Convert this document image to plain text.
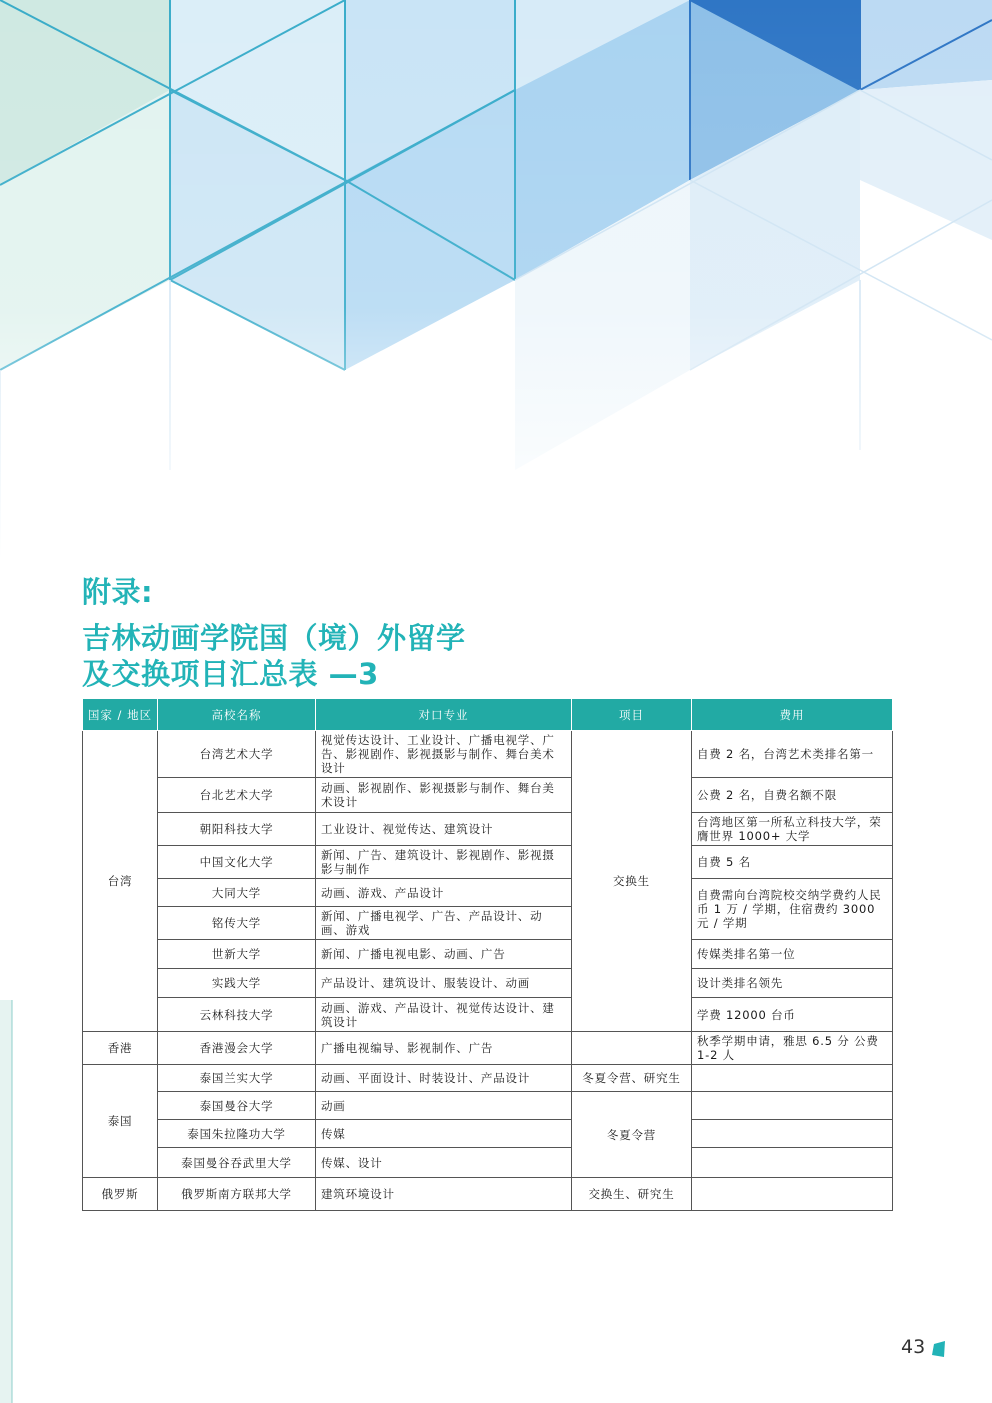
附录:
吉林动画学院国（境）外留学
及交换项目汇总表 —3
国家 / 地区	高校名称	对口专业	项目	费用
台湾	台湾艺术大学	视觉传达设计、工业设计、广播电视学、广告、影视剧作、影视摄影与制作、舞台美术设计	交换生	自费 2 名，台湾艺术类排名第一
	台北艺术大学	动画、影视剧作、影视摄影与制作、舞台美术设计		公费 2 名，自费名额不限
	朝阳科技大学	工业设计、视觉传达、建筑设计		台湾地区第一所私立科技大学，荣膺世界 1000+ 大学
	中国文化大学	新闻、广告、建筑设计、影视剧作、影视摄影与制作		自费 5 名
	大同大学	动画、游戏、产品设计		自费需向台湾院校交纳学费约人民币 1 万 / 学期，住宿费约 3000 元 / 学期
	铭传大学	新闻、广播电视学、广告、产品设计、动画、游戏		
	世新大学	新闻、广播电视电影、动画、广告		传媒类排名第一位
	实践大学	产品设计、建筑设计、服装设计、动画		设计类排名领先
	云林科技大学	动画、游戏、产品设计、视觉传达设计、建筑设计		学费 12000 台币
香港	香港漫会大学	广播电视编导、影视制作、广告		秋季学期申请，雅思 6.5 分 公费 1-2 人
泰国	泰国兰实大学	动画、平面设计、时装设计、产品设计	冬夏令营、研究生	
	泰国曼谷大学	动画	冬夏令营	
	泰国朱拉隆功大学	传媒		
	泰国曼谷吞武里大学	传媒、设计		
俄罗斯	俄罗斯南方联邦大学	建筑环境设计	交换生、研究生	
43
